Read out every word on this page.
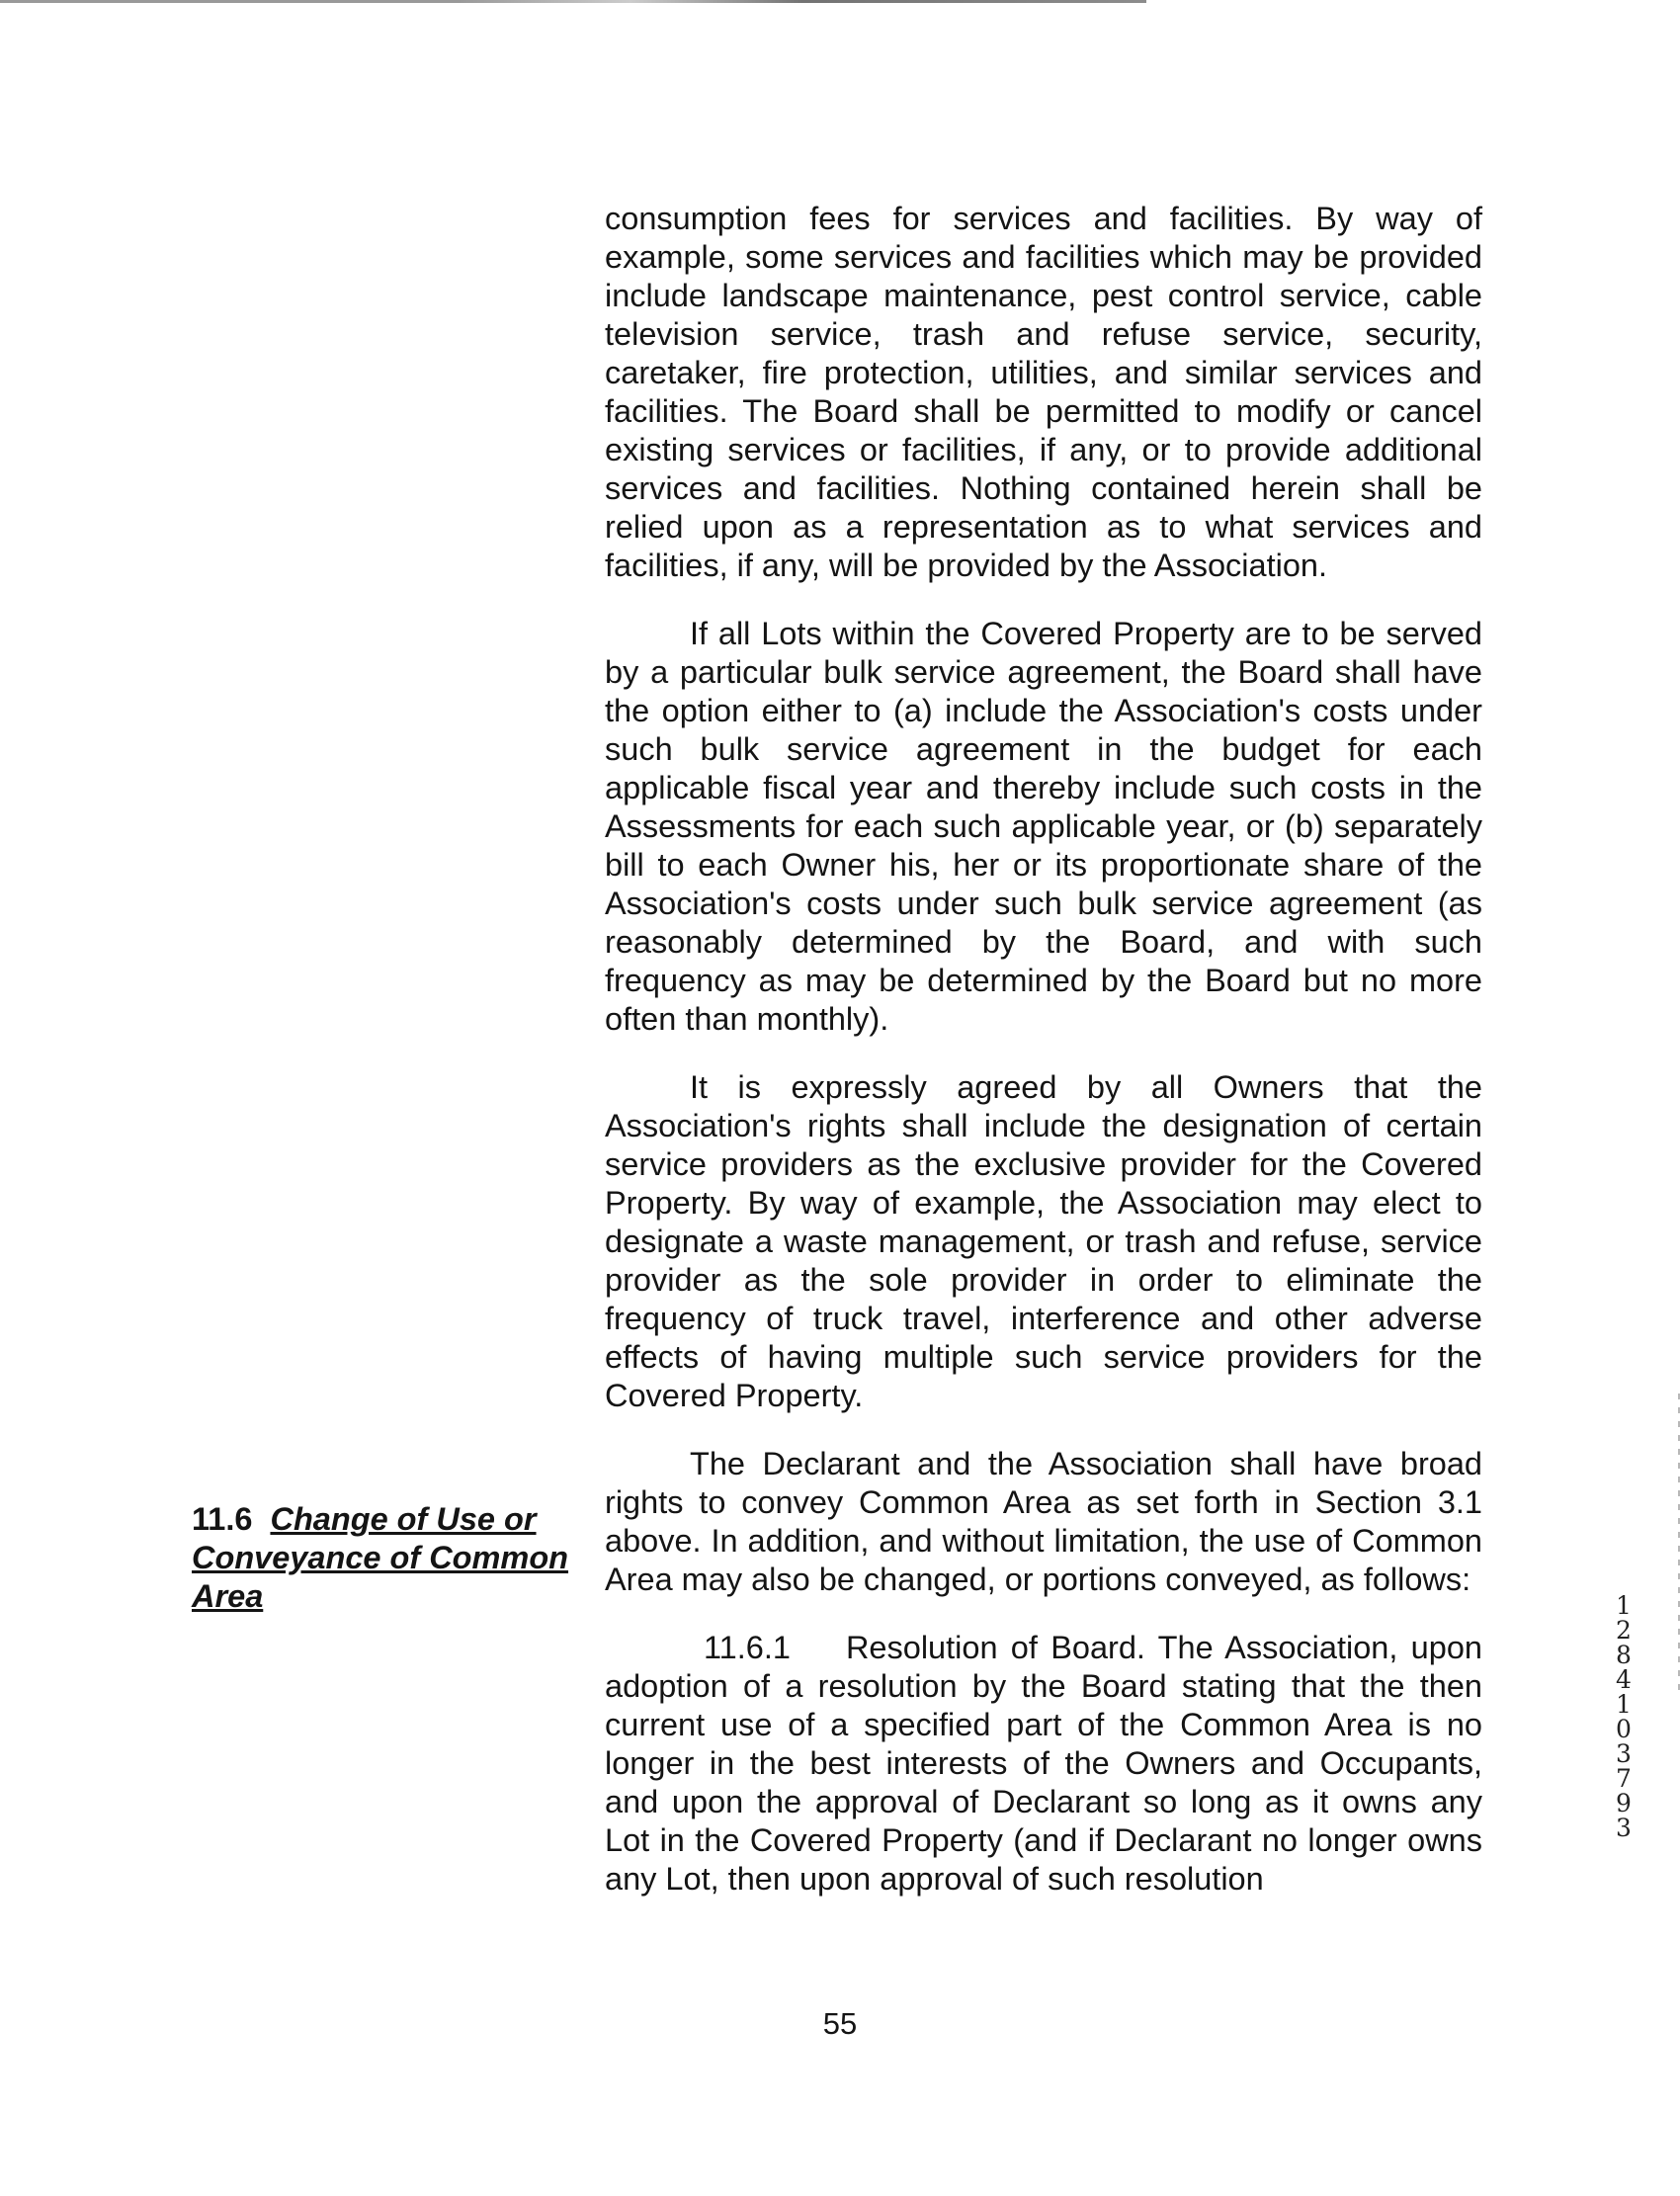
consumption fees for services and facilities. By way of example, some services and facilities which may be provided include landscape maintenance, pest control service, cable television service, trash and refuse service, security, caretaker, fire protection, utilities, and similar services and facilities. The Board shall be permitted to modify or cancel existing services or facilities, if any, or to provide additional services and facilities. Nothing contained herein shall be relied upon as a representation as to what services and facilities, if any, will be provided by the Association.

If all Lots within the Covered Property are to be served by a particular bulk service agreement, the Board shall have the option either to (a) include the Association's costs under such bulk service agreement in the budget for each applicable fiscal year and thereby include such costs in the Assessments for each such applicable year, or (b) separately bill to each Owner his, her or its proportionate share of the Association's costs under such bulk service agreement (as reasonably determined by the Board, and with such frequency as may be determined by the Board but no more often than monthly).

It is expressly agreed by all Owners that the Association's rights shall include the designation of certain service providers as the exclusive provider for the Covered Property. By way of example, the Association may elect to designate a waste management, or trash and refuse, service provider as the sole provider in order to eliminate the frequency of truck travel, interference and other adverse effects of having multiple such service providers for the Covered Property.

The Declarant and the Association shall have broad rights to convey Common Area as set forth in Section 3.1 above. In addition, and without limitation, the use of Common Area may also be changed, or portions conveyed, as follows:

11.6.1 Resolution of Board. The Association, upon adoption of a resolution by the Board stating that the then current use of a specified part of the Common Area is no longer in the best interests of the Owners and Occupants, and upon the approval of Declarant so long as it owns any Lot in the Covered Property (and if Declarant no longer owns any Lot, then upon approval of such resolution

11.6 Change of Use or Conveyance of Common Area
55
12841 03793
